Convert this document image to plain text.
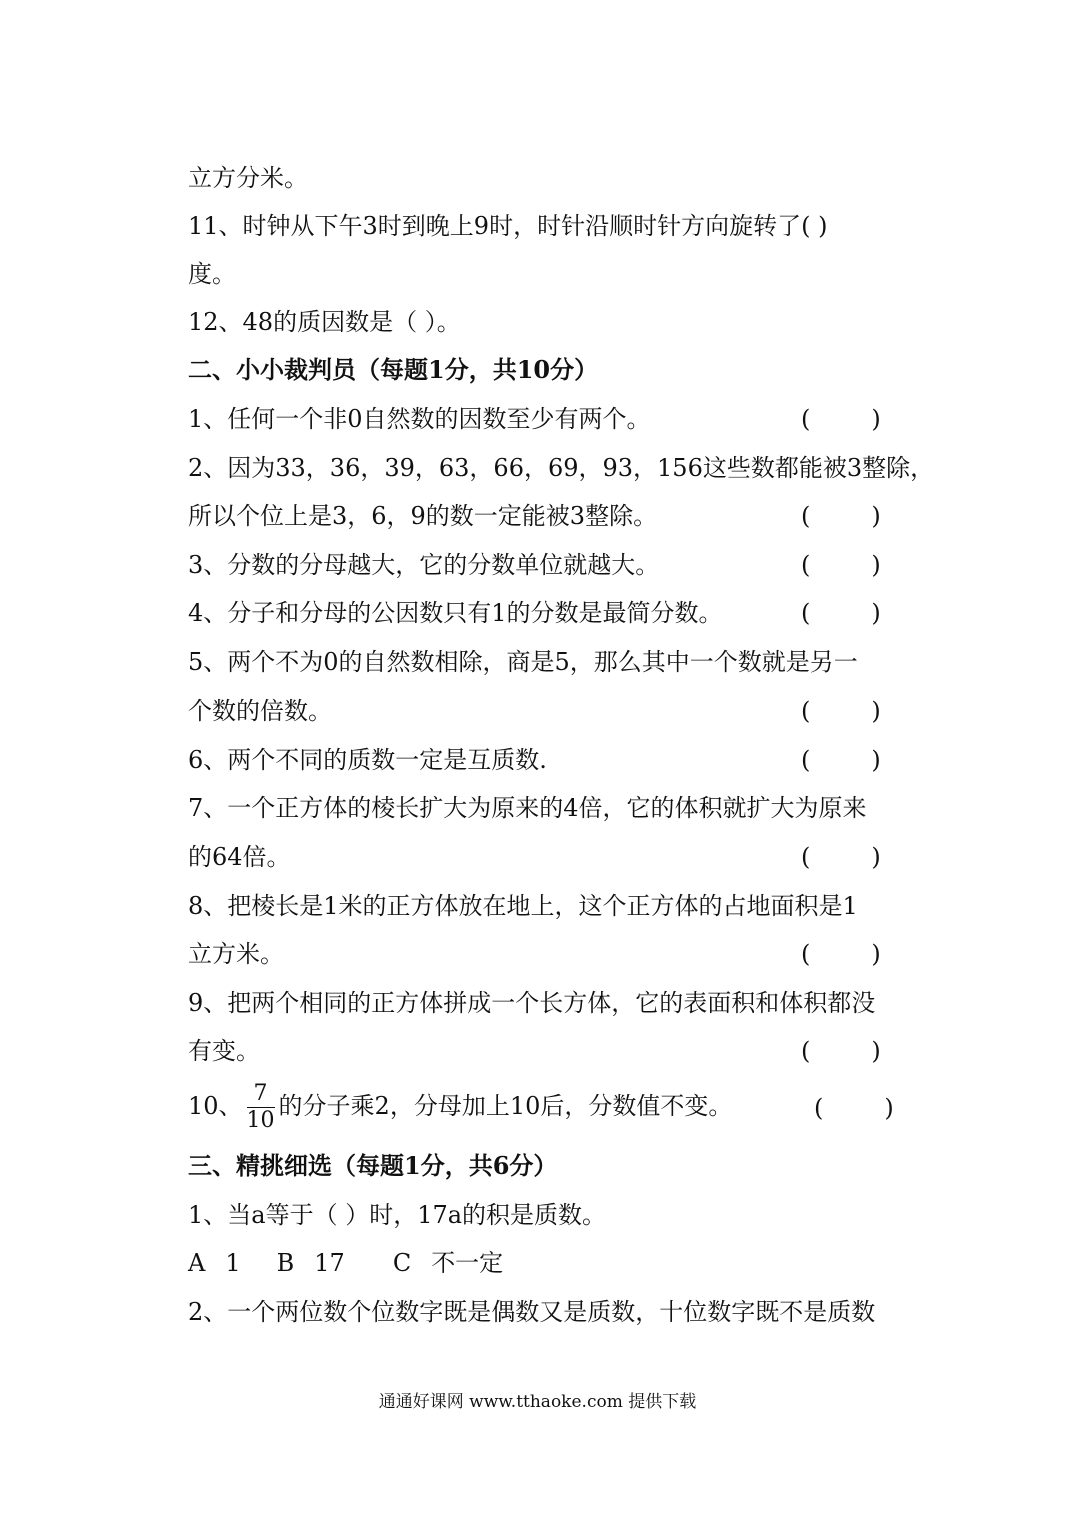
立方分米。
11、时钟从下午3时到晚上9时，时针沿顺时针方向旋转了( )
度。
12、48的质因数是（ ）。
二、小小裁判员（每题1分，共10分）
1、任何一个非0自然数的因数至少有两个。	(        )
2、因为33，36，39，63，66，69，93，156这些数都能被3整除，
所以个位上是3，6，9的数一定能被3整除。	(        )
3、分数的分母越大，它的分数单位就越大。	(        )
4、分子和分母的公因数只有1的分数是最简分数。	(        )
5、两个不为0的自然数相除，商是5，那么其中一个数就是另一
个数的倍数。	(        )
6、两个不同的质数一定是互质数.	(        )
7、一个正方体的棱长扩大为原来的4倍，它的体积就扩大为原来
的64倍。	(        )
8、把棱长是1米的正方体放在地上，这个正方体的占地面积是1
立方米。	(        )
9、把两个相同的正方体拼成一个长方体，它的表面积和体积都没
有变。	(        )
10、 $\frac{7}{10}$ 的分子乘2，分母加上10后，分数值不变。	(        )
三、精挑细选（每题1分，共6分）
1、当a等于（ ）时，17a的积是质数。
A 1 B 17 C 不一定
2、一个两位数个位数字既是偶数又是质数，十位数字既不是质数
通通好课网 www.tthaoke.com 提供下载
